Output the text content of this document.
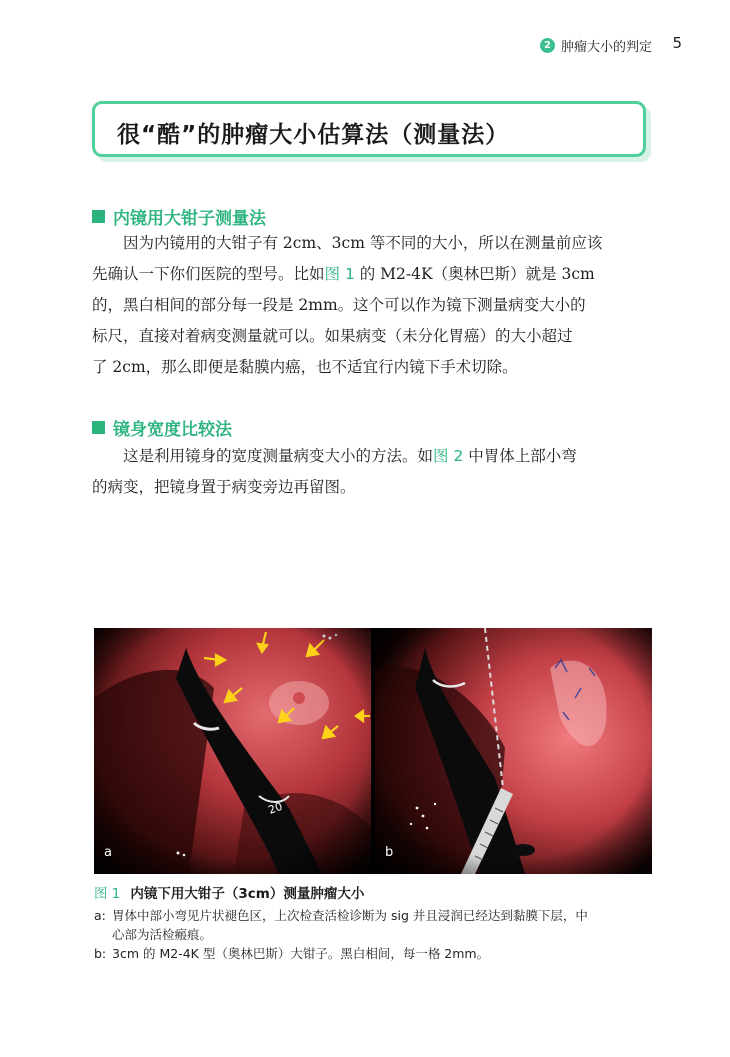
2 肿瘤大小的判定 5
很“酷”的肿瘤大小估算法（测量法）
内镜用大钳子测量法
因为内镜用的大钳子有 2cm、3cm 等不同的大小，所以在测量前应该
先确认一下你们医院的型号。比如图 1 的 M2-4K（奥林巴斯）就是 3cm
的，黑白相间的部分每一段是 2mm。这个可以作为镜下测量病变大小的
标尺，直接对着病变测量就可以。如果病变（未分化胃癌）的大小超过
了 2cm，那么即便是黏膜内癌，也不适宜行内镜下手术切除。
镜身宽度比较法
这是利用镜身的宽度测量病变大小的方法。如图 2 中胃体上部小弯
的病变，把镜身置于病变旁边再留图。
a	b
图 1 内镜下用大钳子（3cm）测量肿瘤大小
a: 胃体中部小弯见片状褪色区，上次检查活检诊断为 sig 并且浸润已经达到黏膜下层，中
心部为活检瘢痕。
b: 3cm 的 M2-4K 型（奥林巴斯）大钳子。黑白相间，每一格 2mm。
